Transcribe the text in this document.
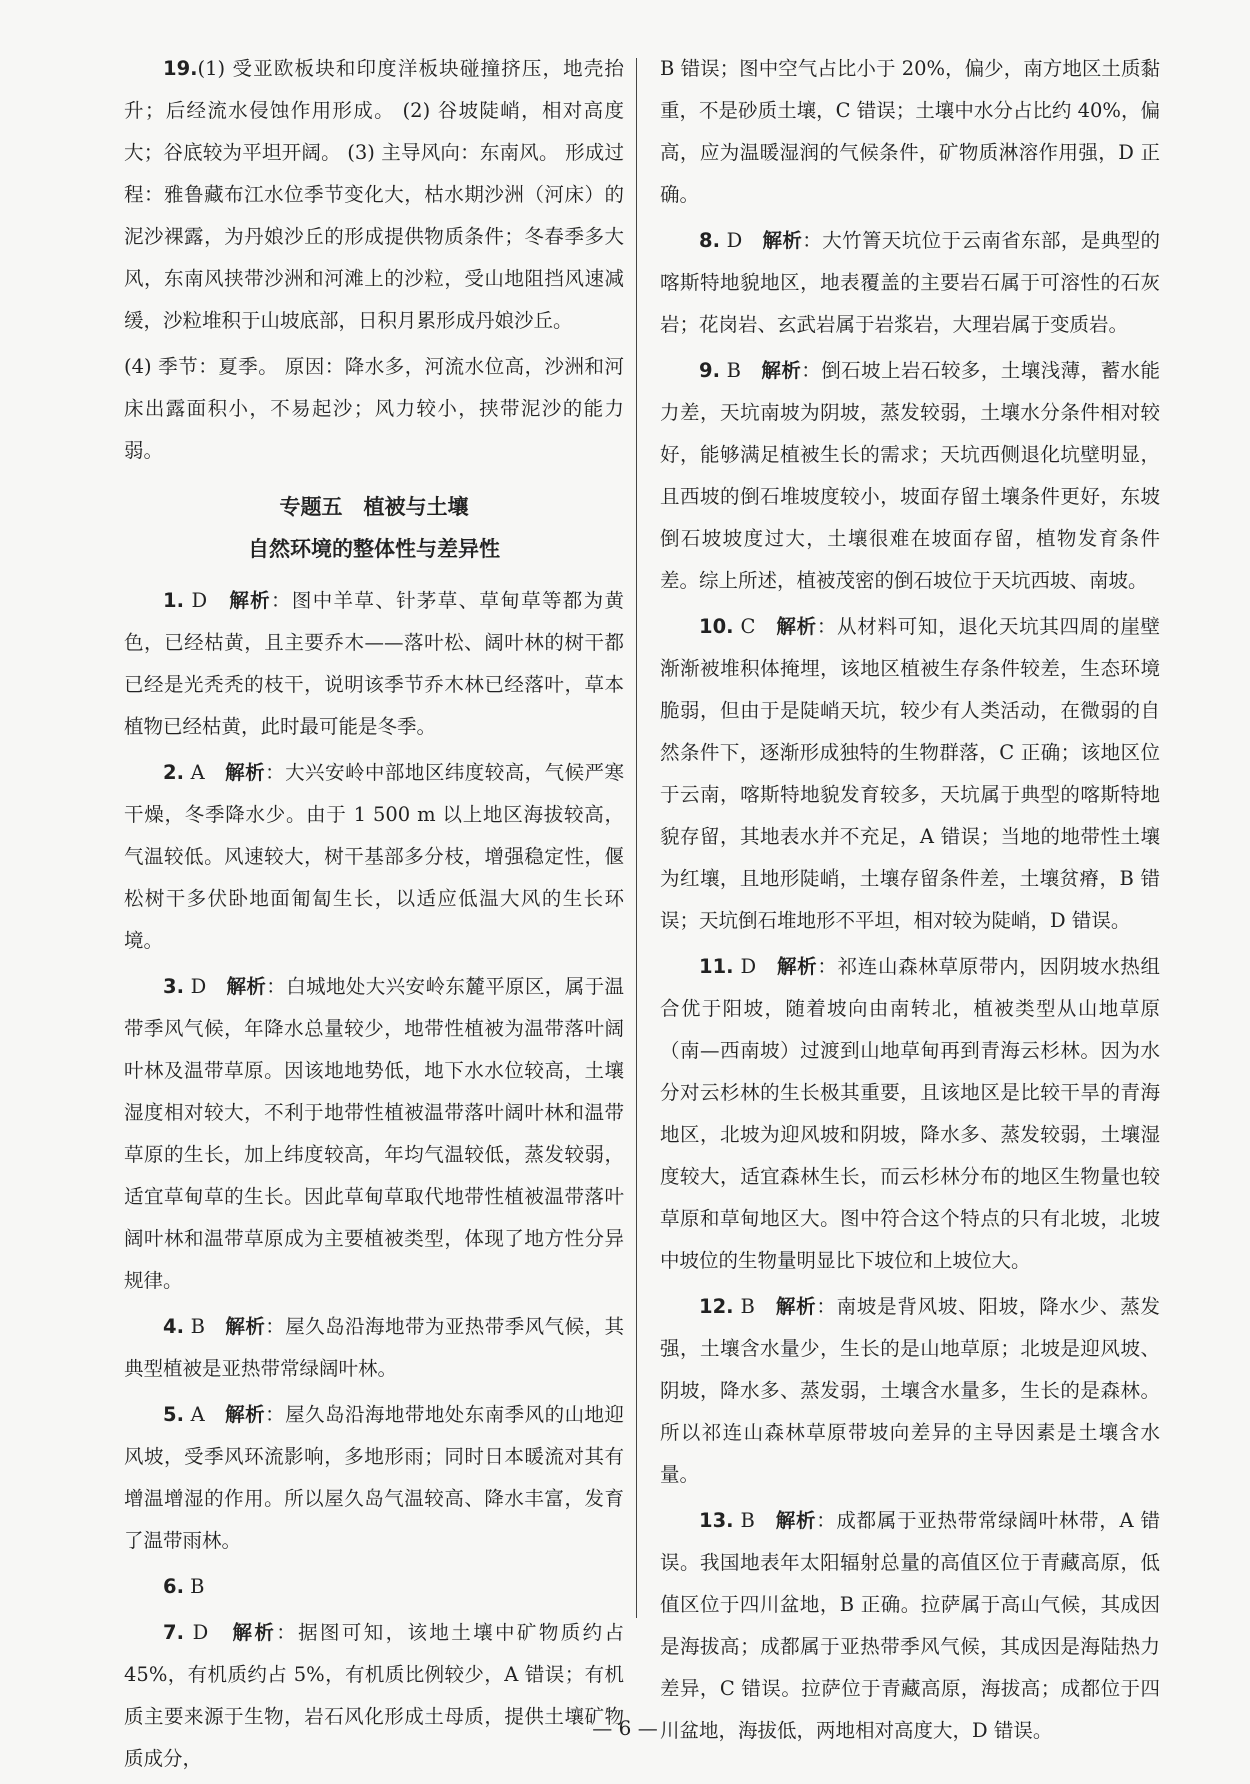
19.(1) 受亚欧板块和印度洋板块碰撞挤压，地壳抬升；后经流水侵蚀作用形成。 (2) 谷坡陡峭，相对高度大；谷底较为平坦开阔。 (3) 主导风向：东南风。 形成过程：雅鲁藏布江水位季节变化大，枯水期沙洲（河床）的泥沙裸露，为丹娘沙丘的形成提供物质条件；冬春季多大风，东南风挟带沙洲和河滩上的沙粒，受山地阻挡风速减缓，沙粒堆积于山坡底部，日积月累形成丹娘沙丘。

(4) 季节：夏季。 原因：降水多，河流水位高，沙洲和河床出露面积小，不易起沙；风力较小，挟带泥沙的能力弱。

专题五　植被与土壤
自然环境的整体性与差异性

1. D　解析：图中羊草、针茅草、草甸草等都为黄色，已经枯黄，且主要乔木——落叶松、阔叶林的树干都已经是光秃秃的枝干，说明该季节乔木林已经落叶，草本植物已经枯黄，此时最可能是冬季。

2. A　解析：大兴安岭中部地区纬度较高，气候严寒干燥，冬季降水少。由于 1 500 m 以上地区海拔较高，气温较低。风速较大，树干基部多分枝，增强稳定性，偃松树干多伏卧地面匍匐生长，以适应低温大风的生长环境。

3. D　解析：白城地处大兴安岭东麓平原区，属于温带季风气候，年降水总量较少，地带性植被为温带落叶阔叶林及温带草原。因该地地势低，地下水水位较高，土壤湿度相对较大，不利于地带性植被温带落叶阔叶林和温带草原的生长，加上纬度较高，年均气温较低，蒸发较弱，适宜草甸草的生长。因此草甸草取代地带性植被温带落叶阔叶林和温带草原成为主要植被类型，体现了地方性分异规律。

4. B　解析：屋久岛沿海地带为亚热带季风气候，其典型植被是亚热带常绿阔叶林。

5. A　解析：屋久岛沿海地带地处东南季风的山地迎风坡，受季风环流影响，多地形雨；同时日本暖流对其有增温增湿的作用。所以屋久岛气温较高、降水丰富，发育了温带雨林。

6. B

7. D　解析：据图可知，该地土壤中矿物质约占 45%，有机质约占 5%，有机质比例较少，A 错误；有机质主要来源于生物，岩石风化形成土母质，提供土壤矿物质成分，

B 错误；图中空气占比小于 20%，偏少，南方地区土质黏重，不是砂质土壤，C 错误；土壤中水分占比约 40%，偏高，应为温暖湿润的气候条件，矿物质淋溶作用强，D 正确。

8. D　解析：大竹箐天坑位于云南省东部，是典型的喀斯特地貌地区，地表覆盖的主要岩石属于可溶性的石灰岩；花岗岩、玄武岩属于岩浆岩，大理岩属于变质岩。

9. B　解析：倒石坡上岩石较多，土壤浅薄，蓄水能力差，天坑南坡为阴坡，蒸发较弱，土壤水分条件相对较好，能够满足植被生长的需求；天坑西侧退化坑壁明显，且西坡的倒石堆坡度较小，坡面存留土壤条件更好，东坡倒石坡坡度过大，土壤很难在坡面存留，植物发育条件差。综上所述，植被茂密的倒石坡位于天坑西坡、南坡。

10. C　解析：从材料可知，退化天坑其四周的崖壁渐渐被堆积体掩埋，该地区植被生存条件较差，生态环境脆弱，但由于是陡峭天坑，较少有人类活动，在微弱的自然条件下，逐渐形成独特的生物群落，C 正确；该地区位于云南，喀斯特地貌发育较多，天坑属于典型的喀斯特地貌存留，其地表水并不充足，A 错误；当地的地带性土壤为红壤，且地形陡峭，土壤存留条件差，土壤贫瘠，B 错误；天坑倒石堆地形不平坦，相对较为陡峭，D 错误。

11. D　解析：祁连山森林草原带内，因阴坡水热组合优于阳坡，随着坡向由南转北，植被类型从山地草原（南—西南坡）过渡到山地草甸再到青海云杉林。因为水分对云杉林的生长极其重要，且该地区是比较干旱的青海地区，北坡为迎风坡和阴坡，降水多、蒸发较弱，土壤湿度较大，适宜森林生长，而云杉林分布的地区生物量也较草原和草甸地区大。图中符合这个特点的只有北坡，北坡中坡位的生物量明显比下坡位和上坡位大。

12. B　解析：南坡是背风坡、阳坡，降水少、蒸发强，土壤含水量少，生长的是山地草原；北坡是迎风坡、阴坡，降水多、蒸发弱，土壤含水量多，生长的是森林。所以祁连山森林草原带坡向差异的主导因素是土壤含水量。

13. B　解析：成都属于亚热带常绿阔叶林带，A 错误。我国地表年太阳辐射总量的高值区位于青藏高原，低值区位于四川盆地，B 正确。拉萨属于高山气候，其成因是海拔高；成都属于亚热带季风气候，其成因是海陆热力差异，C 错误。拉萨位于青藏高原，海拔高；成都位于四川盆地，海拔低，两地相对高度大，D 错误。

— 6 —
